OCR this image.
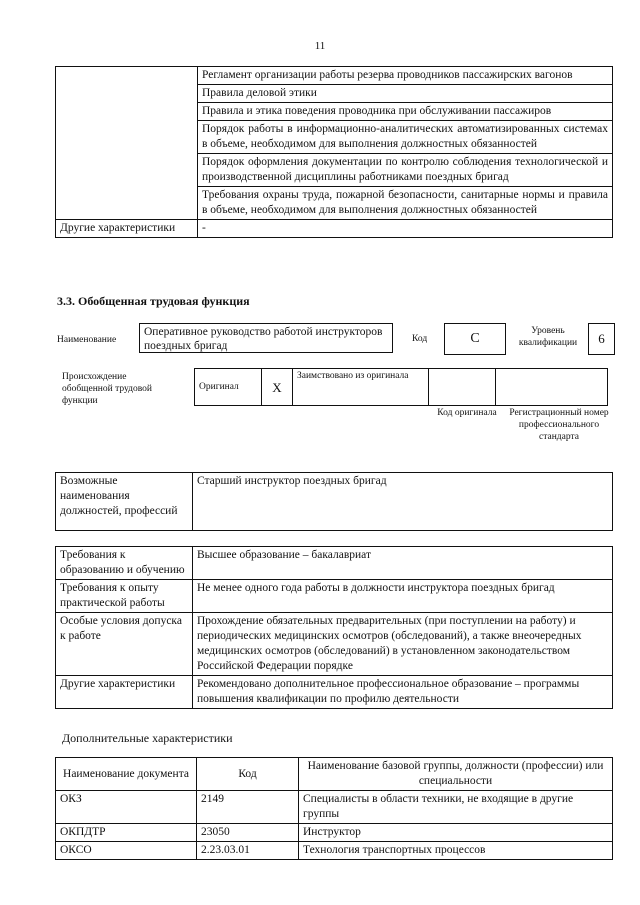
11
	Регламент организации работы резерва проводников пассажирских вагонов
	Правила деловой этики
	Правила и этика поведения проводника при обслуживании пассажиров
	Порядок работы в информационно-аналитических автоматизированных системах в объеме, необходимом для выполнения должностных обязанностей
	Порядок оформления документации по контролю соблюдения технологической и производственной дисциплины работниками поездных бригад
	Требования охраны труда, пожарной безопасности, санитарные нормы и правила в объеме, необходимом для выполнения должностных обязанностей
Другие характеристики	-
3.3. Обобщенная трудовая функция
Наименование
Оперативное руководство работой инструкторов поездных бригад
Код	C	Уровень квалификации	6
Происхождение обобщенной трудовой функции
Оригинал	X	Заимствовано из оригинала		
Код оригинала	Регистрационный номер профессионального стандарта
Возможные наименования должностей, профессий	Старший инструктор поездных бригад
Требования к образованию и обучению	Высшее образование – бакалавриат
Требования к опыту практической работы	Не менее одного года работы в должности инструктора поездных бригад
Особые условия допуска к работе	Прохождение обязательных предварительных (при поступлении на работу) и периодических медицинских осмотров (обследований), а также внеочередных медицинских осмотров (обследований) в установленном законодательством Российской Федерации порядке
Другие характеристики	Рекомендовано дополнительное профессиональное образование – программы повышения квалификации по профилю деятельности
Дополнительные характеристики
Наименование документа	Код	Наименование базовой группы, должности (профессии) или специальности
ОКЗ	2149	Специалисты в области техники, не входящие в другие группы
ОКПДТР	23050	Инструктор
ОКСО	2.23.03.01	Технология транспортных процессов
